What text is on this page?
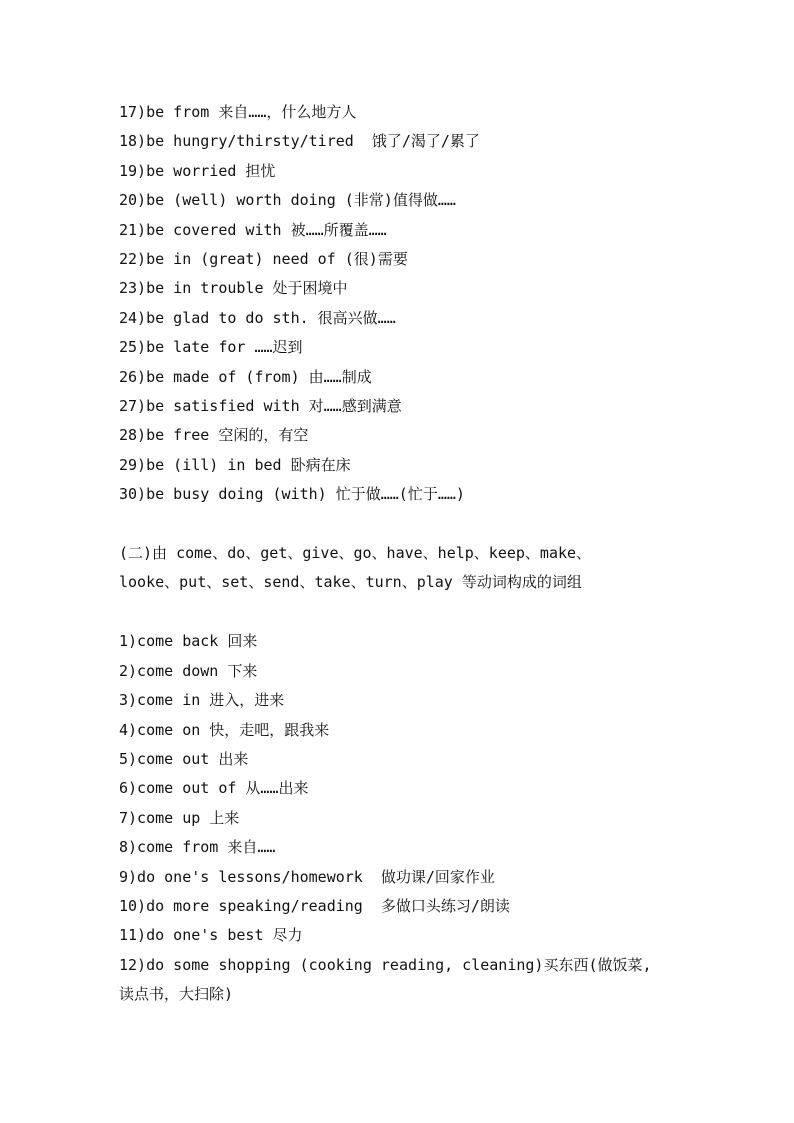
17)be from 来自……，什么地方人
18)be hungry/thirsty/tired  饿了/渴了/累了
19)be worried 担忧
20)be (well) worth doing (非常)值得做……
21)be covered with 被……所覆盖……
22)be in (great) need of (很)需要
23)be in trouble 处于困境中
24)be glad to do sth. 很高兴做……
25)be late for ……迟到
26)be made of (from) 由……制成
27)be satisfied with 对……感到满意
28)be free 空闲的，有空
29)be (ill) in bed 卧病在床
30)be busy doing (with) 忙于做……(忙于……)
(二)由 come、do、get、give、go、have、help、keep、make、
looke、put、set、send、take、turn、play 等动词构成的词组
1)come back 回来
2)come down 下来
3)come in 进入，进来
4)come on 快，走吧，跟我来
5)come out 出来
6)come out of 从……出来
7)come up 上来
8)come from 来自……
9)do one's lessons/homework  做功课/回家作业
10)do more speaking/reading  多做口头练习/朗读
11)do one's best 尽力
12)do some shopping (cooking reading, cleaning)买东西(做饭菜,
读点书，大扫除)
